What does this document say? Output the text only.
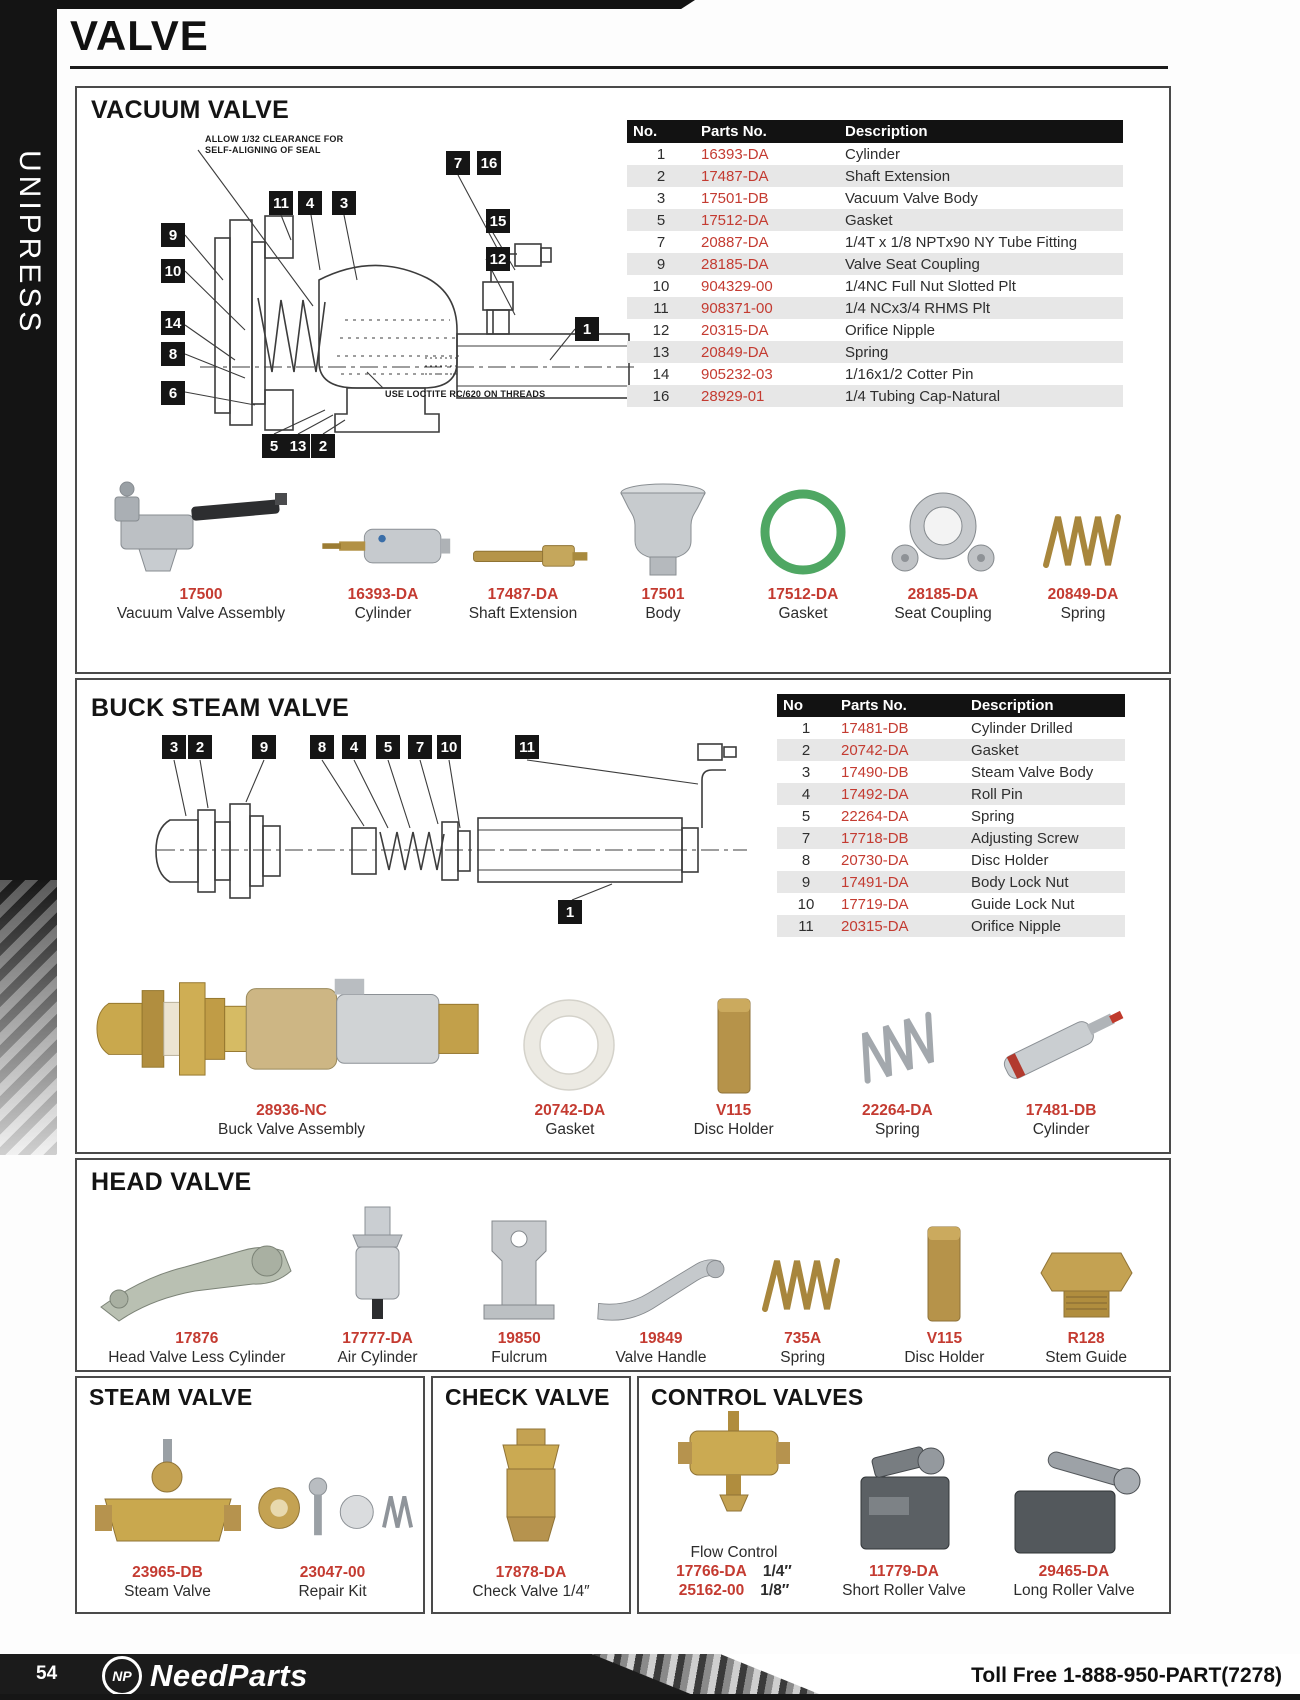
UNIPRESS
VALVE
VACUUM VALVE
ALLOW 1/32 CLEARANCE FOR
SELF-ALIGNING OF SEAL
USE LOCTITE RC/620 ON THREADS
7	16
15
12
11	4	3
9
10
14
8
6
1
5 13 2
No.	Parts No.	Description
1	16393-DA	Cylinder
2	17487-DA	Shaft Extension
3	17501-DB	Vacuum Valve Body
5	17512-DA	Gasket
7	20887-DA	1/4T x 1/8 NPTx90 NY Tube Fitting
9	28185-DA	Valve Seat Coupling
10	904329-00	1/4NC Full Nut Slotted Plt
11	908371-00	1/4 NCx3/4 RHMS Plt
12	20315-DA	Orifice Nipple
13	20849-DA	Spring
14	905232-03	1/16x1/2 Cotter Pin
16	28929-01	1/4 Tubing Cap-Natural
17500
Vacuum Valve Assembly
16393-DA
Cylinder
17487-DA
Shaft Extension
17501
Body
17512-DA
Gasket
28185-DA
Seat Coupling
20849-DA
Spring
BUCK STEAM VALVE
3	2	9	8	4	5	7	10	11
1
No	Parts No.	Description
1	17481-DB	Cylinder Drilled
2	20742-DA	Gasket
3	17490-DB	Steam Valve Body
4	17492-DA	Roll Pin
5	22264-DA	Spring
7	17718-DB	Adjusting Screw
8	20730-DA	Disc Holder
9	17491-DA	Body Lock Nut
10	17719-DA	Guide Lock Nut
11	20315-DA	Orifice Nipple
28936-NC
Buck Valve Assembly
20742-DA
Gasket
V115
Disc Holder
22264-DA
Spring
17481-DB
Cylinder
HEAD VALVE
17876
Head Valve Less Cylinder
17777-DA
Air Cylinder
19850
Fulcrum
19849
Valve Handle
735A
Spring
V115
Disc Holder
R128
Stem Guide
STEAM VALVE
23965-DB
Steam Valve
23047-00
Repair Kit
CHECK VALVE
17878-DA
Check Valve 1/4″
CONTROL VALVES
Flow Control
17766-DA 1/4″
25162-00 1/8″
11779-DA
Short Roller Valve
29465-DA
Long Roller Valve
54	NP NeedParts	Toll Free 1-888-950-PART(7278)
